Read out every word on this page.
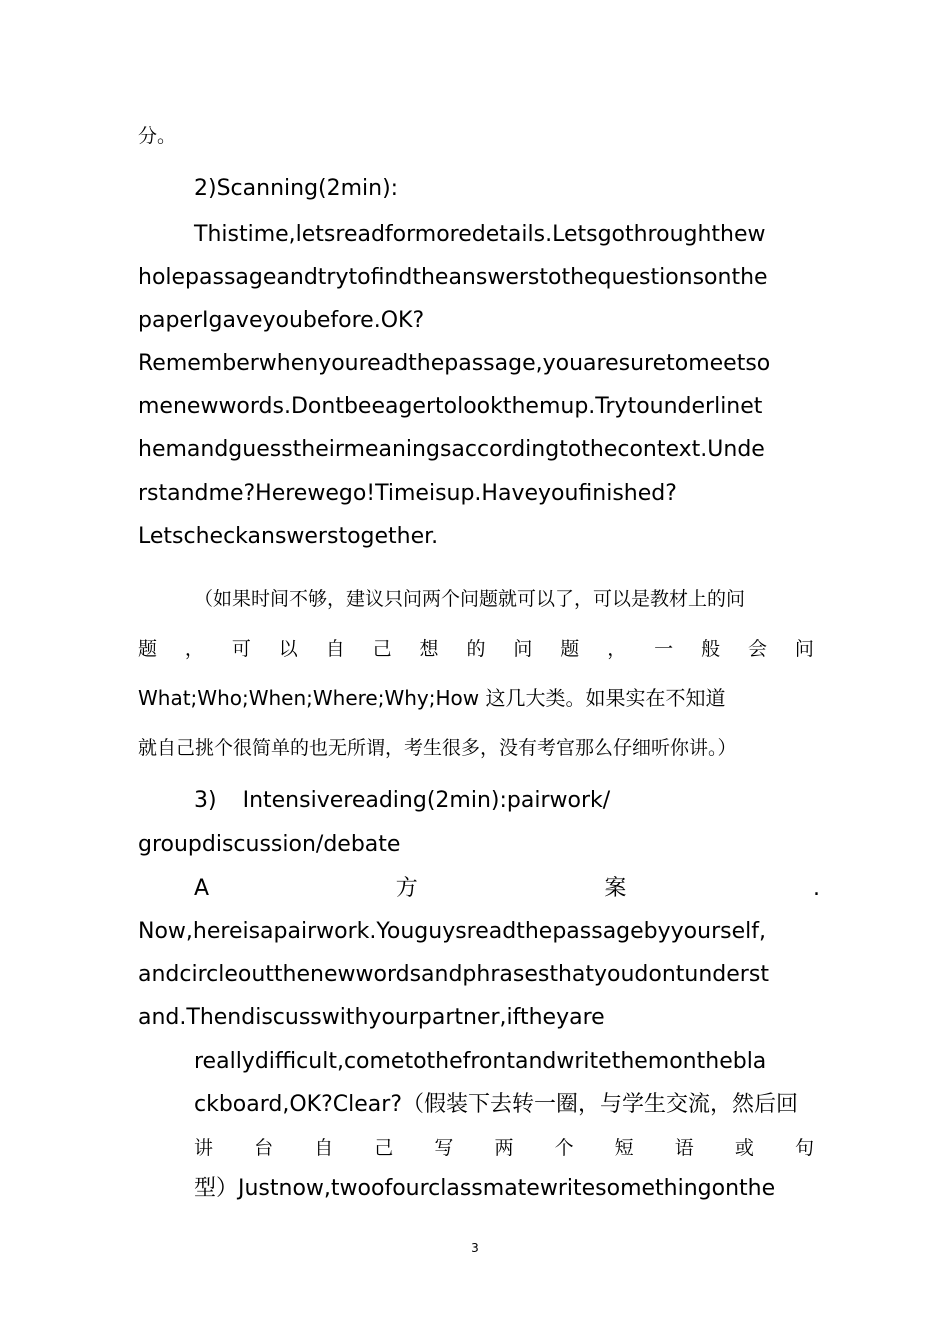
分。
2)Scanning(2min):
Thistime,letsreadformoredetails.Letsgothroughthew
holepassageandtrytofindtheanswerstothequestionsonthe
paperIgaveyoubefore.OK?
Rememberwhenyoureadthepassage,youaresuretomeetso
menewwords.Dontbeeagertolookthemup.Trytounderlinet
hemandguesstheirmeaningsaccordingtothecontext.Unde
rstandme?Herewego!Timeisup.Haveyoufinished?
Letscheckanswerstogether.
（如果时间不够，建议只问两个问题就可以了，可以是教材上的问
题 ， 可 以 自 己 想 的 问 题 ， 一 般 会 问
What;Who;When;Where;Why;How 这几大类。如果实在不知道
就自己挑个很简单的也无所谓，考生很多，没有考官那么仔细听你讲。）
3) Intensivereading(2min):pairwork/
groupdiscussion/debate
A	方	案	.
Now,hereisapairwork.Youguysreadthepassagebyyourself,
andcircleoutthenewwordsandphrasesthatyoudontunderst
and.Thendiscusswithyourpartner,iftheyare
reallydifficult,cometothefrontandwritethemonthebla
ckboard,OK?Clear?（假装下去转一圈，与学生交流，然后回
讲 台 自 己 写 两 个 短 语 或 句
型）Justnow,twoofourclassmatewritesomethingonthe
3
